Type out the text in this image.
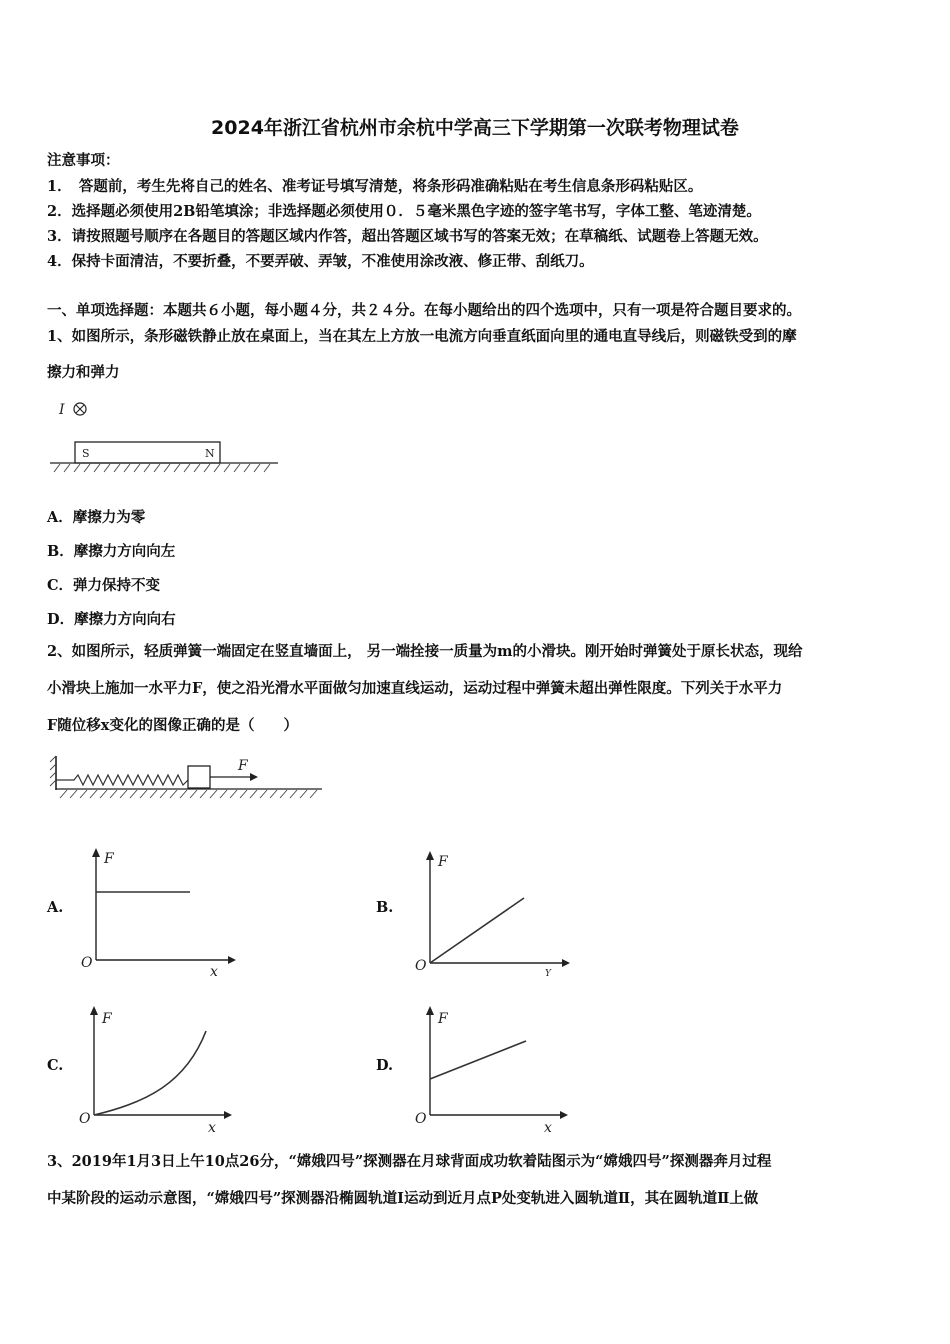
2024年浙江省杭州市余杭中学高三下学期第一次联考物理试卷
注意事项：
1．　答题前，考生先将自己的姓名、准考证号填写清楚，将条形码准确粘贴在考生信息条形码粘贴区。
2．选择题必须使用2B铅笔填涂；非选择题必须使用０．５毫米黑色字迹的签字笔书写，字体工整、笔迹清楚。
3．请按照题号顺序在各题目的答题区域内作答，超出答题区域书写的答案无效；在草稿纸、试题卷上答题无效。
4．保持卡面清洁，不要折叠，不要弄破、弄皱，不准使用涂改液、修正带、刮纸刀。
一、单项选择题：本题共６小题，每小题４分，共２４分。在每小题给出的四个选项中，只有一项是符合题目要求的。
1、如图所示，条形磁铁静止放在桌面上，当在其左上方放一电流方向垂直纸面向里的通电直导线后，则磁铁受到的摩
擦力和弹力
I
S	N
A．摩擦力为零
B．摩擦力方向向左
C．弹力保持不变
D．摩擦力方向向右
2、如图所示，轻质弹簧一端固定在竖直墙面上， 另一端拴接一质量为m的小滑块。刚开始时弹簧处于原长状态，现给
小滑块上施加一水平力F，使之沿光滑水平面做匀加速直线运动，运动过程中弹簧未超出弹性限度。下列关于水平力
F随位移x变化的图像正确的是（　　）
F
A.
F
x
O
B.
F
Y
O
C.
F
x
O
D.
F
x
O
3、2019年1月3日上午10点26分，“嫦娥四号”探测器在月球背面成功软着陆图示为“嫦娥四号”探测器奔月过程
中某阶段的运动示意图，“嫦娥四号”探测器沿椭圆轨道Ⅰ运动到近月点P处变轨进入圆轨道Ⅱ，其在圆轨道Ⅱ上做
